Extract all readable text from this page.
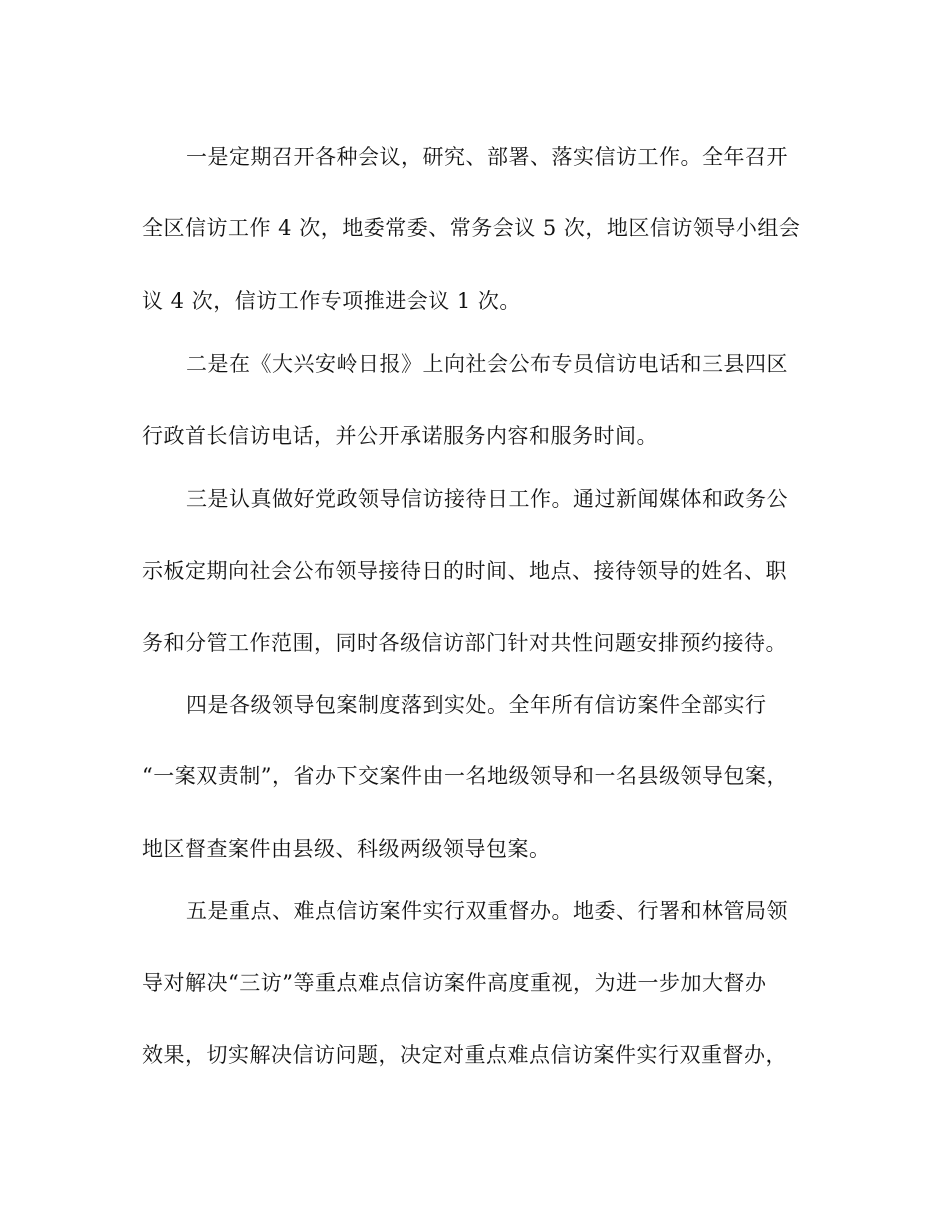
一是定期召开各种会议，研究、部署、落实信访工作。全年召开
全区信访工作 4 次，地委常委、常务会议 5 次，地区信访领导小组会
议 4 次，信访工作专项推进会议 1 次。
二是在《大兴安岭日报》上向社会公布专员信访电话和三县四区
行政首长信访电话，并公开承诺服务内容和服务时间。
三是认真做好党政领导信访接待日工作。通过新闻媒体和政务公
示板定期向社会公布领导接待日的时间、地点、接待领导的姓名、职
务和分管工作范围，同时各级信访部门针对共性问题安排预约接待。
四是各级领导包案制度落到实处。全年所有信访案件全部实行
“一案双责制”，省办下交案件由一名地级领导和一名县级领导包案，
地区督查案件由县级、科级两级领导包案。
五是重点、难点信访案件实行双重督办。地委、行署和林管局领
导对解决“三访”等重点难点信访案件高度重视，为进一步加大督办
效果，切实解决信访问题，决定对重点难点信访案件实行双重督办，
